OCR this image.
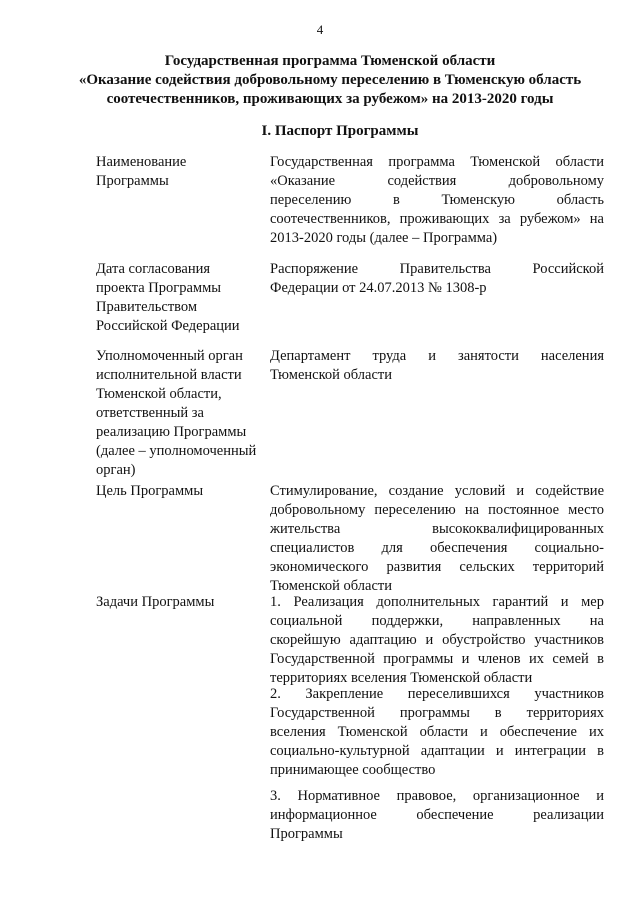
4
Государственная программа Тюменской области
«Оказание содействия добровольному переселению в Тюменскую область
соотечественников, проживающих за рубежом» на 2013-2020 годы
I. Паспорт Программы
Наименование
Программы
Государственная программа Тюменской области
«Оказание содействия добровольному
переселению в Тюменскую область
соотечественников, проживающих за рубежом» на
2013-2020 годы (далее – Программа)
Дата согласования
проекта Программы
Правительством
Российской Федерации
Распоряжение Правительства Российской
Федерации от 24.07.2013 № 1308-р
Уполномоченный орган
исполнительной власти
Тюменской области,
ответственный за
реализацию Программы
(далее – уполномоченный
орган)
Департамент труда и занятости населения
Тюменской области
Цель Программы	Стимулирование, создание условий и содействие
добровольному переселению на постоянное место
жительства высококвалифицированных
специалистов для обеспечения социально-
экономического развития сельских территорий
Тюменской области
Задачи Программы	1. Реализация дополнительных гарантий и мер
социальной поддержки, направленных на
скорейшую адаптацию и обустройство участников
Государственной программы и членов их семей в
территориях вселения Тюменской области
2. Закрепление переселившихся участников
Государственной программы в территориях
вселения Тюменской области и обеспечение их
социально-культурной адаптации и интеграции в
принимающее сообщество
3. Нормативное правовое, организационное и
информационное обеспечение реализации
Программы
